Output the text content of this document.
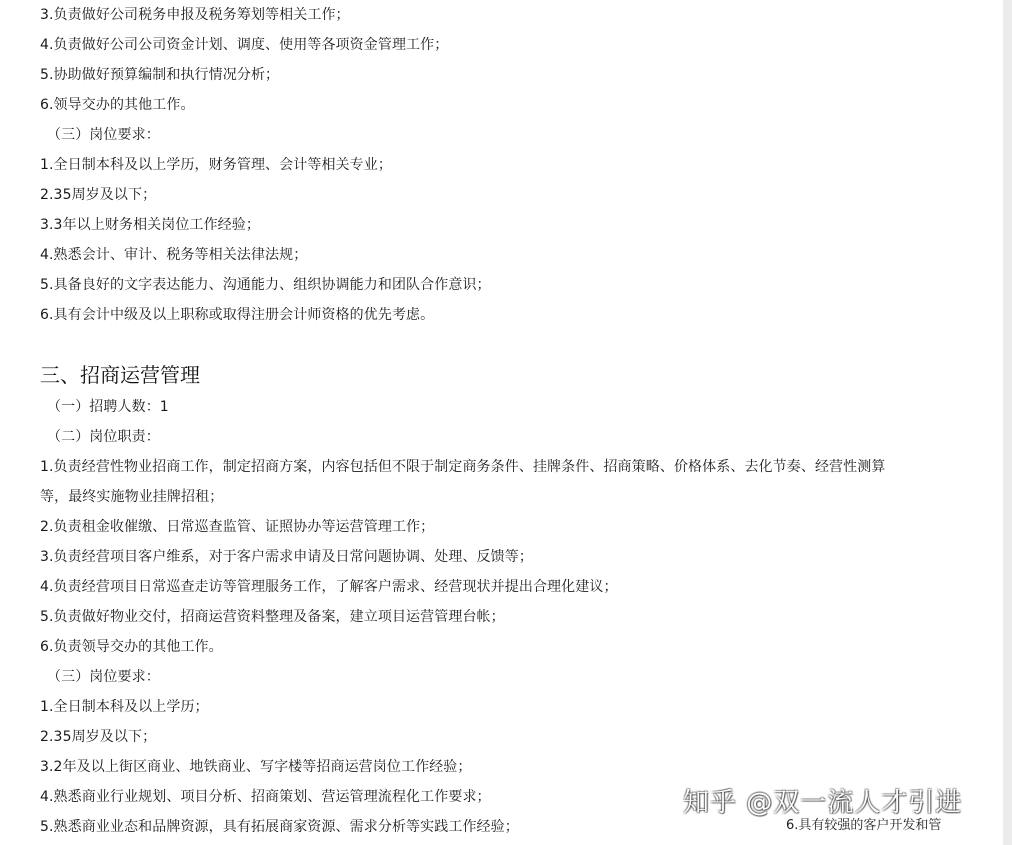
3.负责做好公司税务申报及税务筹划等相关工作；
4.负责做好公司公司资金计划、调度、使用等各项资金管理工作；
5.协助做好预算编制和执行情况分析；
6.领导交办的其他工作。
（三）岗位要求：
1.全日制本科及以上学历，财务管理、会计等相关专业；
2.35周岁及以下；
3.3年以上财务相关岗位工作经验；
4.熟悉会计、审计、税务等相关法律法规；
5.具备良好的文字表达能力、沟通能力、组织协调能力和团队合作意识；
6.具有会计中级及以上职称或取得注册会计师资格的优先考虑。
三、招商运营管理
（一）招聘人数：1
（二）岗位职责：
1.负责经营性物业招商工作，制定招商方案，内容包括但不限于制定商务条件、挂牌条件、招商策略、价格体系、去化节奏、经营性测算
等，最终实施物业挂牌招租；
2.负责租金收催缴、日常巡查监管、证照协办等运营管理工作；
3.负责经营项目客户维系，对于客户需求申请及日常问题协调、处理、反馈等；
4.负责经营项目日常巡查走访等管理服务工作，了解客户需求、经营现状并提出合理化建议；
5.负责做好物业交付，招商运营资料整理及备案，建立项目运营管理台帐；
6.负责领导交办的其他工作。
（三）岗位要求：
1.全日制本科及以上学历；
2.35周岁及以下；
3.2年及以上街区商业、地铁商业、写字楼等招商运营岗位工作经验；
4.熟悉商业行业规划、项目分析、招商策划、营运管理流程化工作要求；
5.熟悉商业业态和品牌资源，具有拓展商家资源、需求分析等实践工作经验；	6.具有较强的客户开发和管
知乎 @双一流人才引进
